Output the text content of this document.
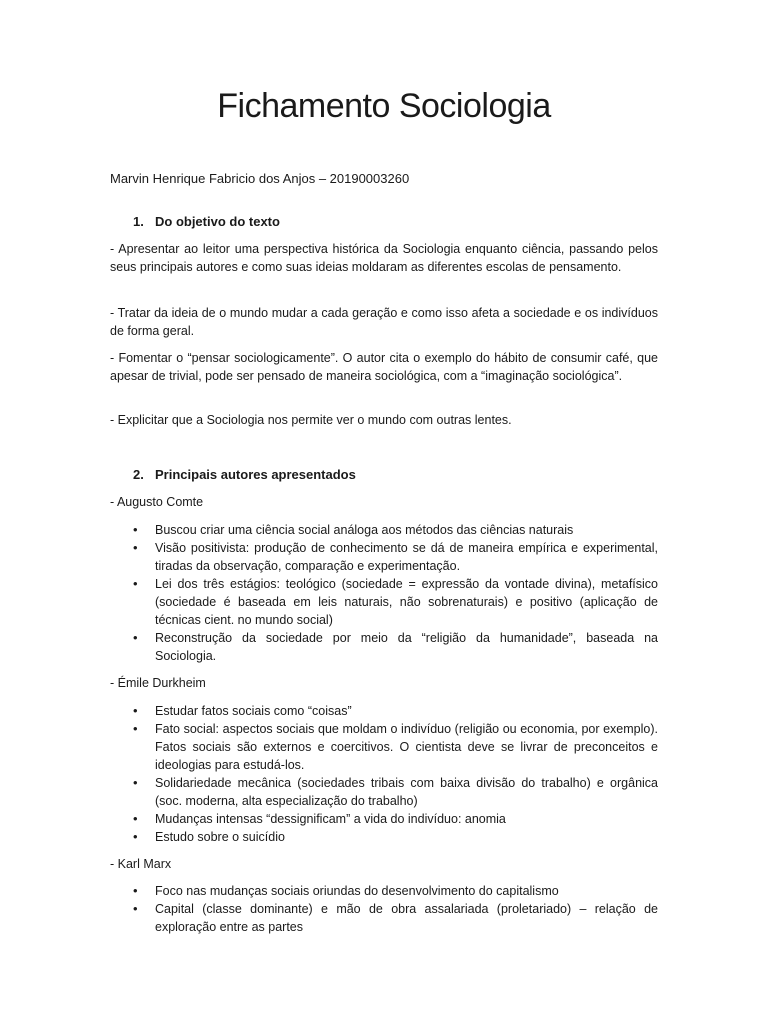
Fichamento Sociologia

Marvin Henrique Fabricio dos Anjos – 20190003260

1. Do objetivo do texto

- Apresentar ao leitor uma perspectiva histórica da Sociologia enquanto ciência, passando pelos seus principais autores e como suas ideias moldaram as diferentes escolas de pensamento.

- Tratar da ideia de o mundo mudar a cada geração e como isso afeta a sociedade e os indivíduos de forma geral.

- Fomentar o “pensar sociologicamente”. O autor cita o exemplo do hábito de consumir café, que apesar de trivial, pode ser pensado de maneira sociológica, com a “imaginação sociológica”.

- Explicitar que a Sociologia nos permite ver o mundo com outras lentes.

2. Principais autores apresentados

- Augusto Comte

• Buscou criar uma ciência social análoga aos métodos das ciências naturais
• Visão positivista: produção de conhecimento se dá de maneira empírica e experimental, tiradas da observação, comparação e experimentação.
• Lei dos três estágios: teológico (sociedade = expressão da vontade divina), metafísico (sociedade é baseada em leis naturais, não sobrenaturais) e positivo (aplicação de técnicas cient. no mundo social)
• Reconstrução da sociedade por meio da “religião da humanidade”, baseada na Sociologia.

- Émile Durkheim

• Estudar fatos sociais como “coisas”
• Fato social: aspectos sociais que moldam o indivíduo (religião ou economia, por exemplo). Fatos sociais são externos e coercitivos. O cientista deve se livrar de preconceitos e ideologias para estudá-los.
• Solidariedade mecânica (sociedades tribais com baixa divisão do trabalho) e orgânica (soc. moderna, alta especialização do trabalho)
• Mudanças intensas “dessignificam” a vida do indivíduo: anomia
• Estudo sobre o suicídio

- Karl Marx

• Foco nas mudanças sociais oriundas do desenvolvimento do capitalismo
• Capital (classe dominante) e mão de obra assalariada (proletariado) – relação de exploração entre as partes
